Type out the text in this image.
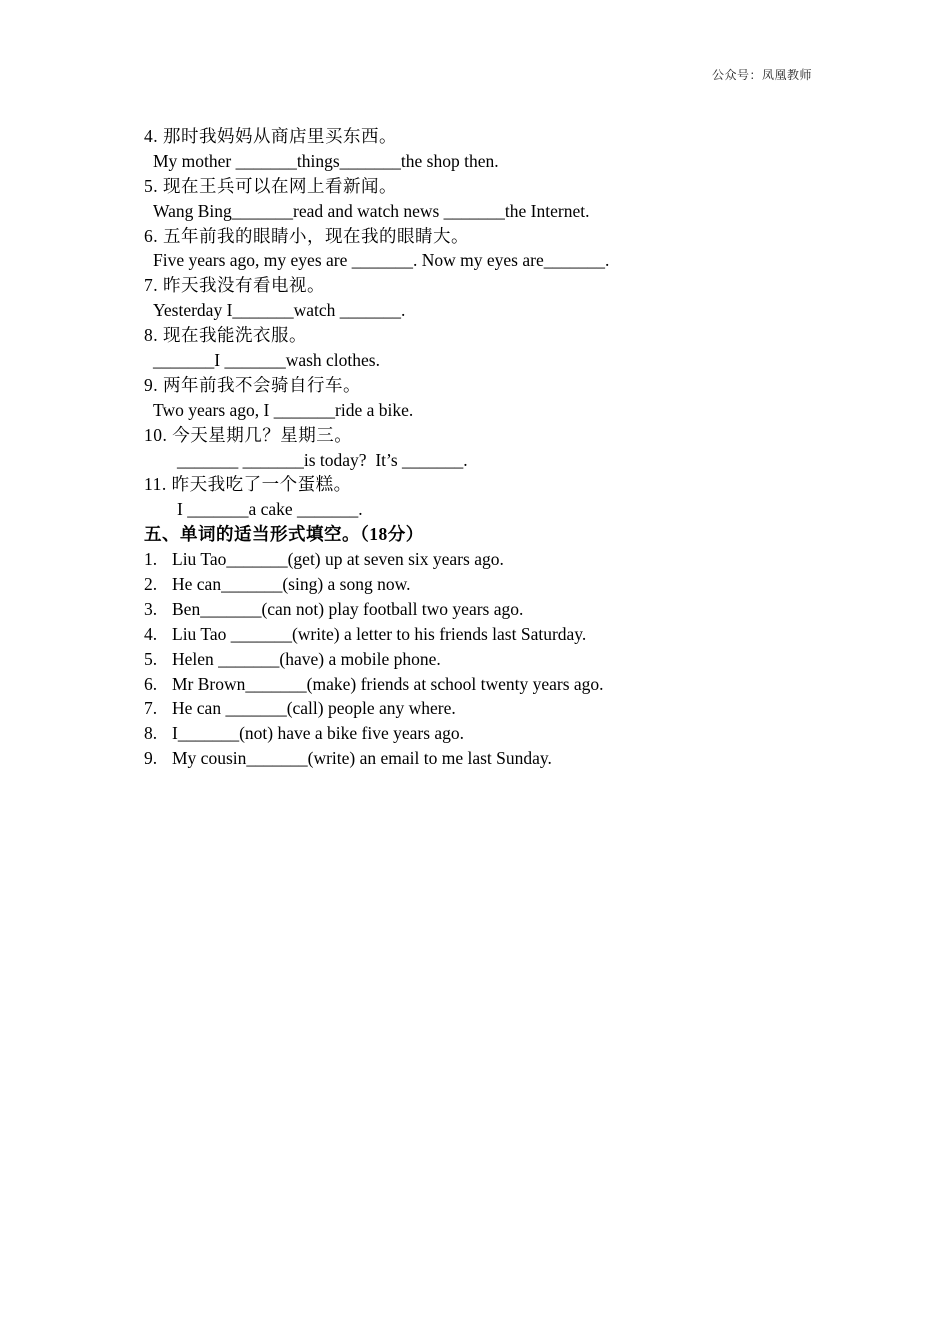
公众号：凤凰教师
4. 那时我妈妈从商店里买东西。
My mother _______things_______the shop then.
5. 现在王兵可以在网上看新闻。
Wang Bing_______read and watch news _______the Internet.
6. 五年前我的眼睛小，现在我的眼睛大。
Five years ago, my eyes are _______. Now my eyes are_______.
7. 昨天我没有看电视。
Yesterday I_______watch _______.
8. 现在我能洗衣服。
_______I _______wash clothes.
9. 两年前我不会骑自行车。
Two years ago, I _______ride a bike.
10. 今天星期几？星期三。
_______ _______is today?  It’s _______.
11. 昨天我吃了一个蛋糕。
I _______a cake _______.
五、单词的适当形式填空。（18分）
1. Liu Tao_______(get) up at seven six years ago.
2. He can_______(sing) a song now.
3. Ben_______(can not) play football two years ago.
4. Liu Tao _______(write) a letter to his friends last Saturday.
5. Helen _______(have) a mobile phone.
6. Mr Brown_______(make) friends at school twenty years ago.
7. He can _______(call) people any where.
8. I_______(not) have a bike five years ago.
9. My cousin_______(write) an email to me last Sunday.
